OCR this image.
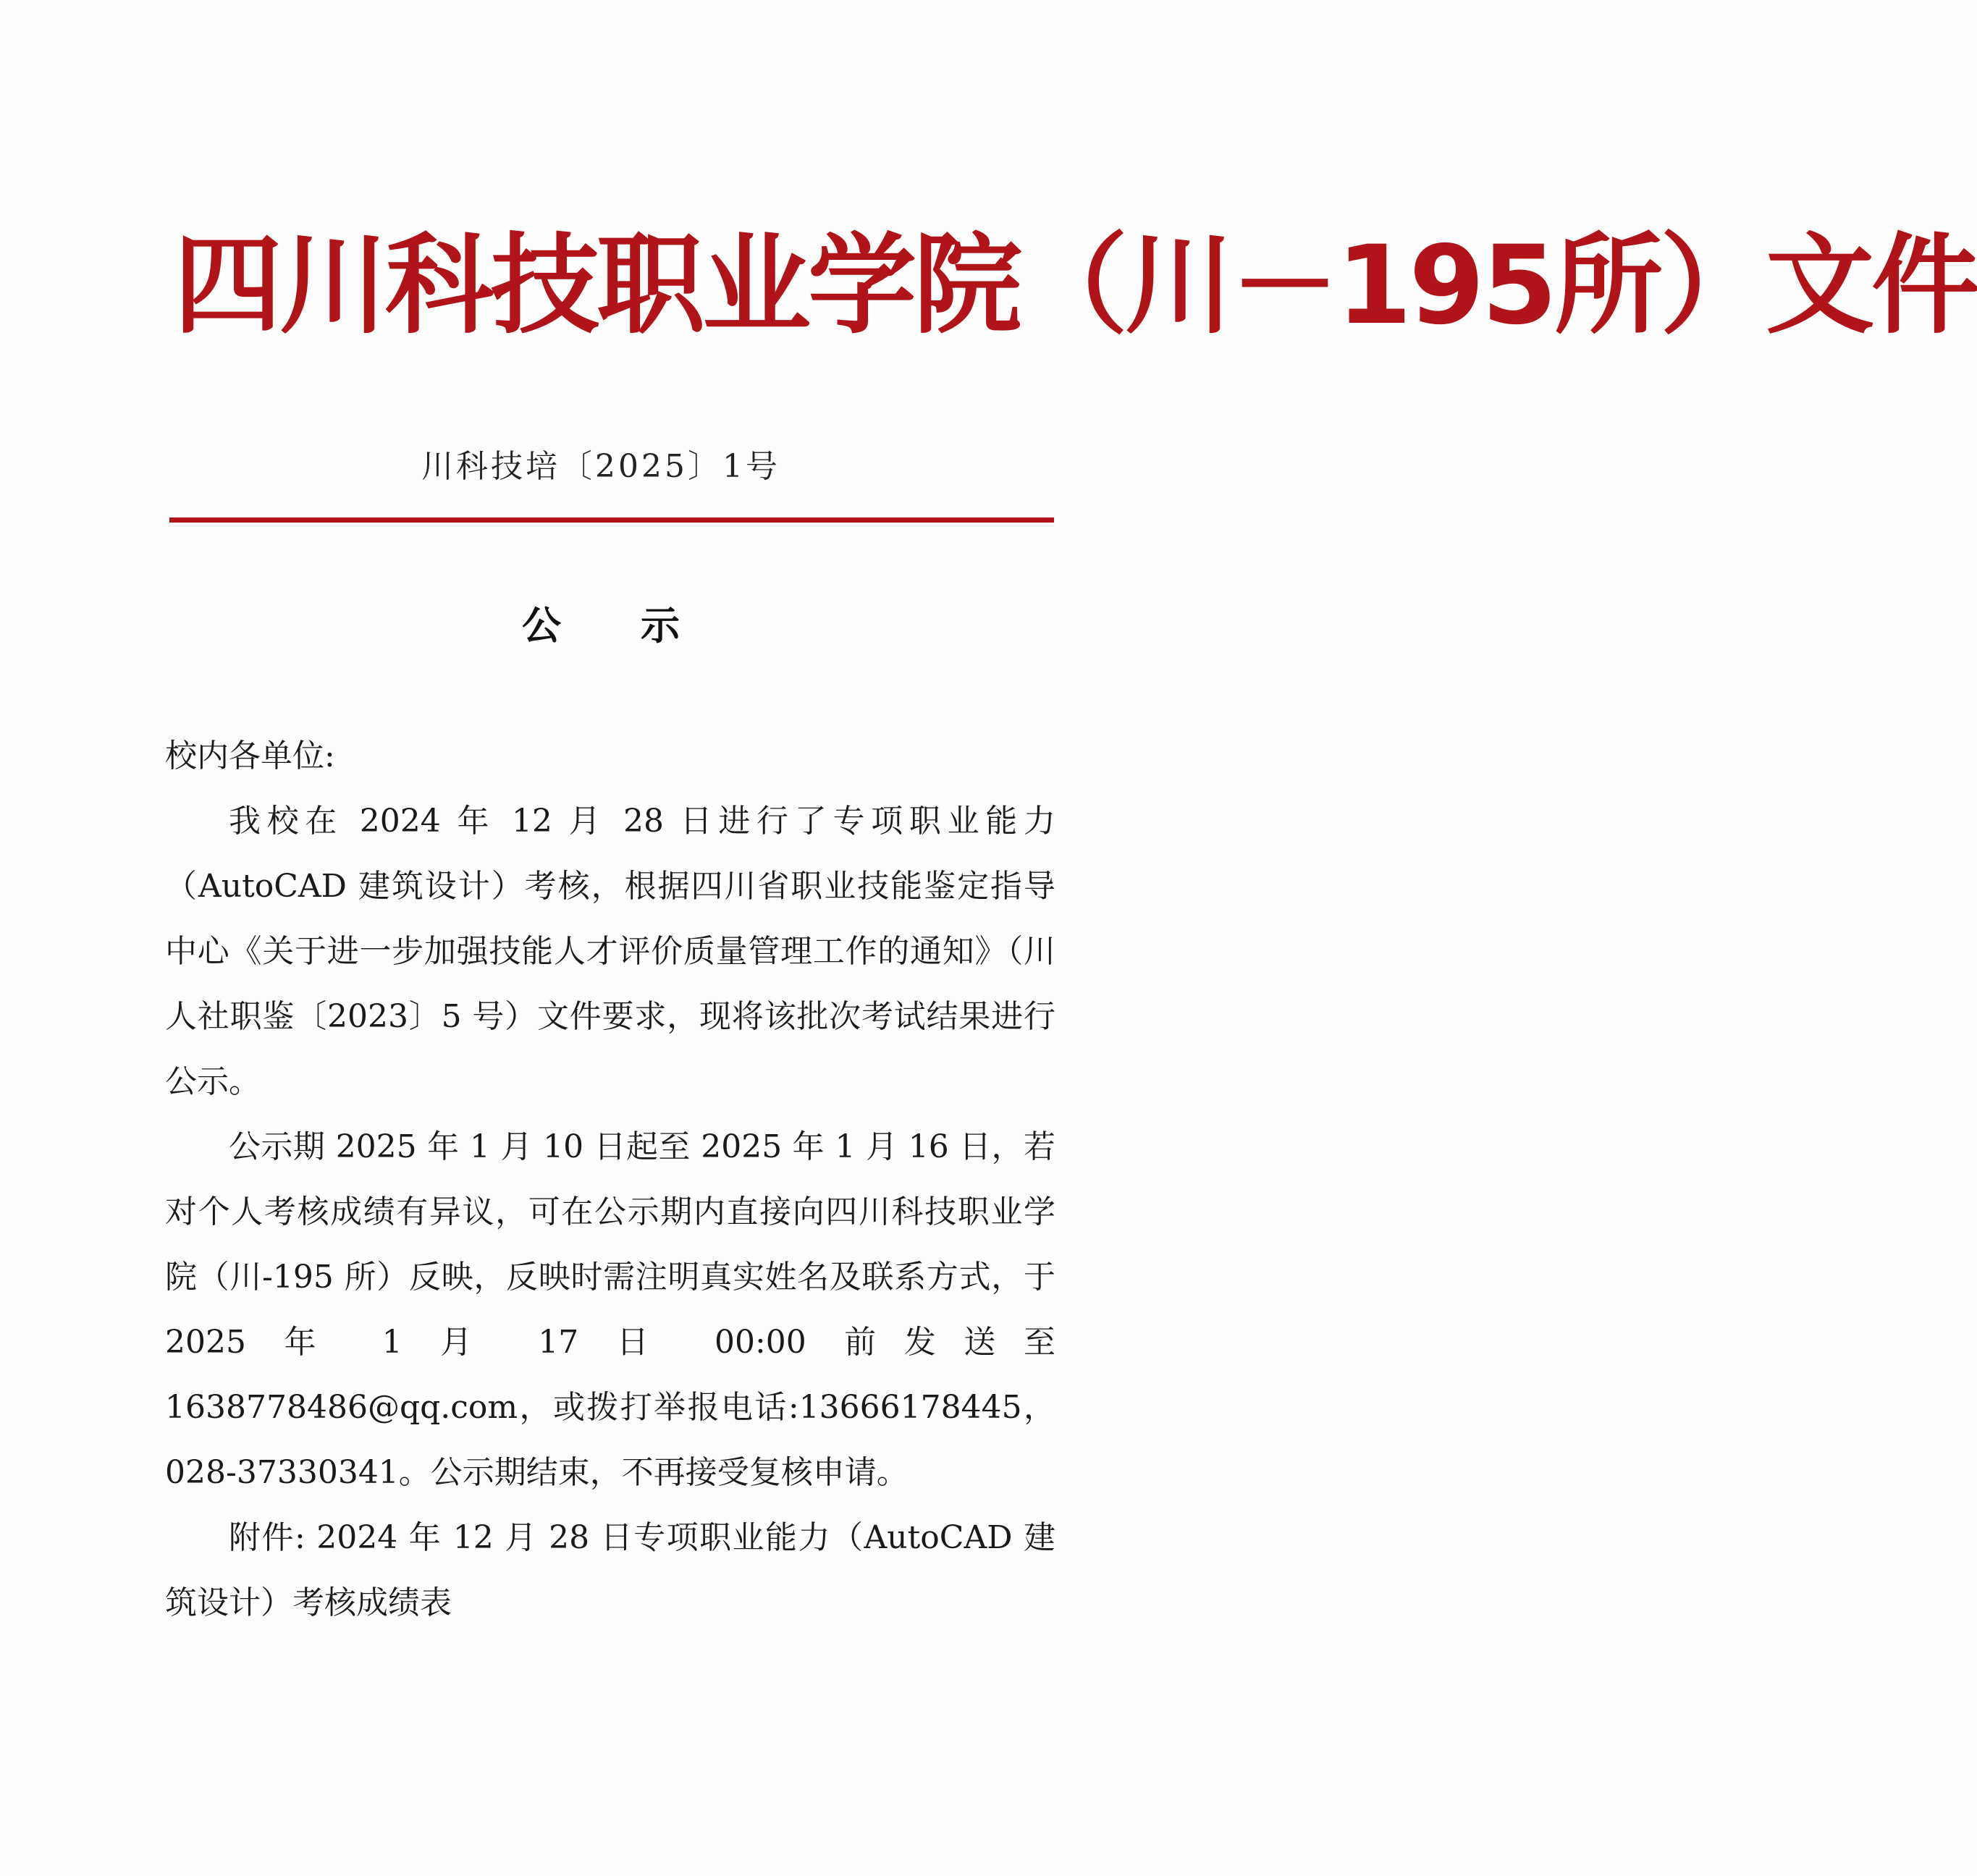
四川科技职业学院（川－195所）文件
川科技培〔2025〕1号
公示

校内各单位:

我校在 2024 年 12 月 28 日进行了专项职业能力（AutoCAD 建筑设计）考核，根据四川省职业技能鉴定指导中心《关于进一步加强技能人才评价质量管理工作的通知》（川人社职鉴〔2023〕5 号）文件要求，现将该批次考试结果进行公示。

公示期 2025 年 1 月 10 日起至 2025 年 1 月 16 日，若对个人考核成绩有异议，可在公示期内直接向四川科技职业学院（川-195 所）反映，反映时需注明真实姓名及联系方式，于 2025 年 1 月 17 日 00:00 前发送至 1638778486@qq.com，或拨打举报电话:13666178445，028-37330341。公示期结束，不再接受复核申请。

附件: 2024 年 12 月 28 日专项职业能力（AutoCAD 建筑设计）考核成绩表
